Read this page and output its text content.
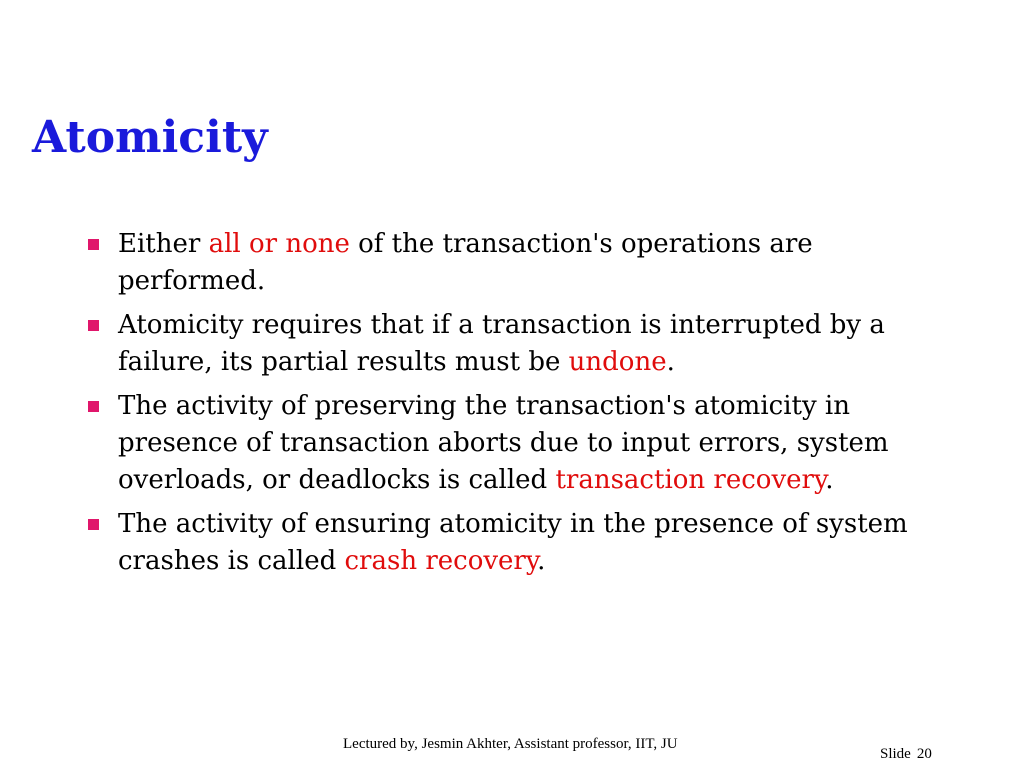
Atomicity
Either all or none of the transaction's operations are performed.
Atomicity requires that if a transaction is interrupted by a failure, its partial results must be undone.
The activity of preserving the transaction's atomicity in presence of transaction aborts due to input errors, system overloads, or deadlocks is called transaction recovery.
The activity of ensuring atomicity in the presence of system crashes is called crash recovery.
Lectured by, Jesmin Akhter, Assistant professor, IIT, JU
Slide 20
